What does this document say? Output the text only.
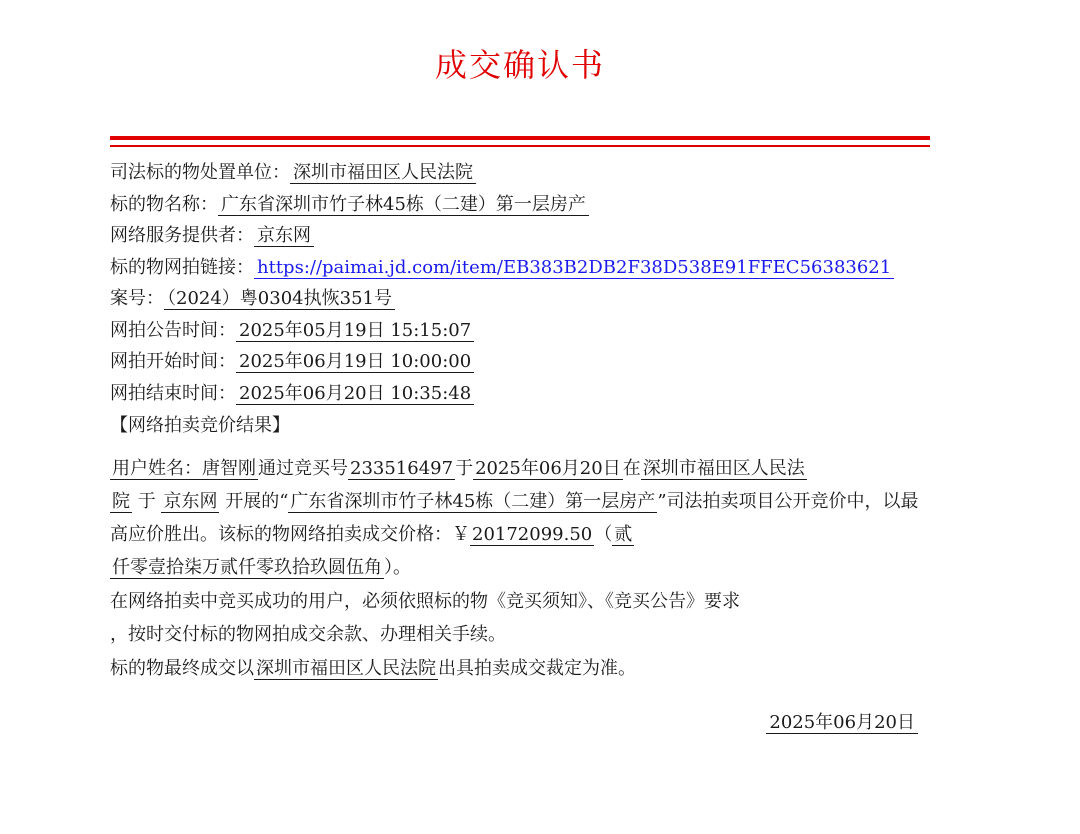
成交确认书
司法标的物处置单位： 深圳市福田区人民法院
标的物名称： 广东省深圳市竹子林45栋（二建）第一层房产
网络服务提供者： 京东网
标的物网拍链接： https://paimai.jd.com/item/EB383B2DB2F38D538E91FFEC56383621
案号： （2024）粤0304执恢351号
网拍公告时间： 2025年05月19日 15:15:07
网拍开始时间： 2025年06月19日 10:00:00
网拍结束时间： 2025年06月20日 10:35:48
【网络拍卖竞价结果】
用户姓名：唐智刚 通过竞买号 233516497 于 2025年06月20日 在 深圳市福田区人民法
院 于 京东网 开展的“ 广东省深圳市竹子林45栋（二建）第一层房产 ”司法拍卖项目公开竞价中，以最高应价胜出。该标的物网络拍卖成交价格：￥ 20172099.50 （ 贰
仟零壹拾柒万贰仟零玖拾玖圆伍角 ）。
在网络拍卖中竞买成功的用户，必须依照标的物《竞买须知》、《竞买公告》要求
，按时交付标的物网拍成交余款、办理相关手续。
标的物最终成交以 深圳市福田区人民法院 出具拍卖成交裁定为准。
2025年06月20日
